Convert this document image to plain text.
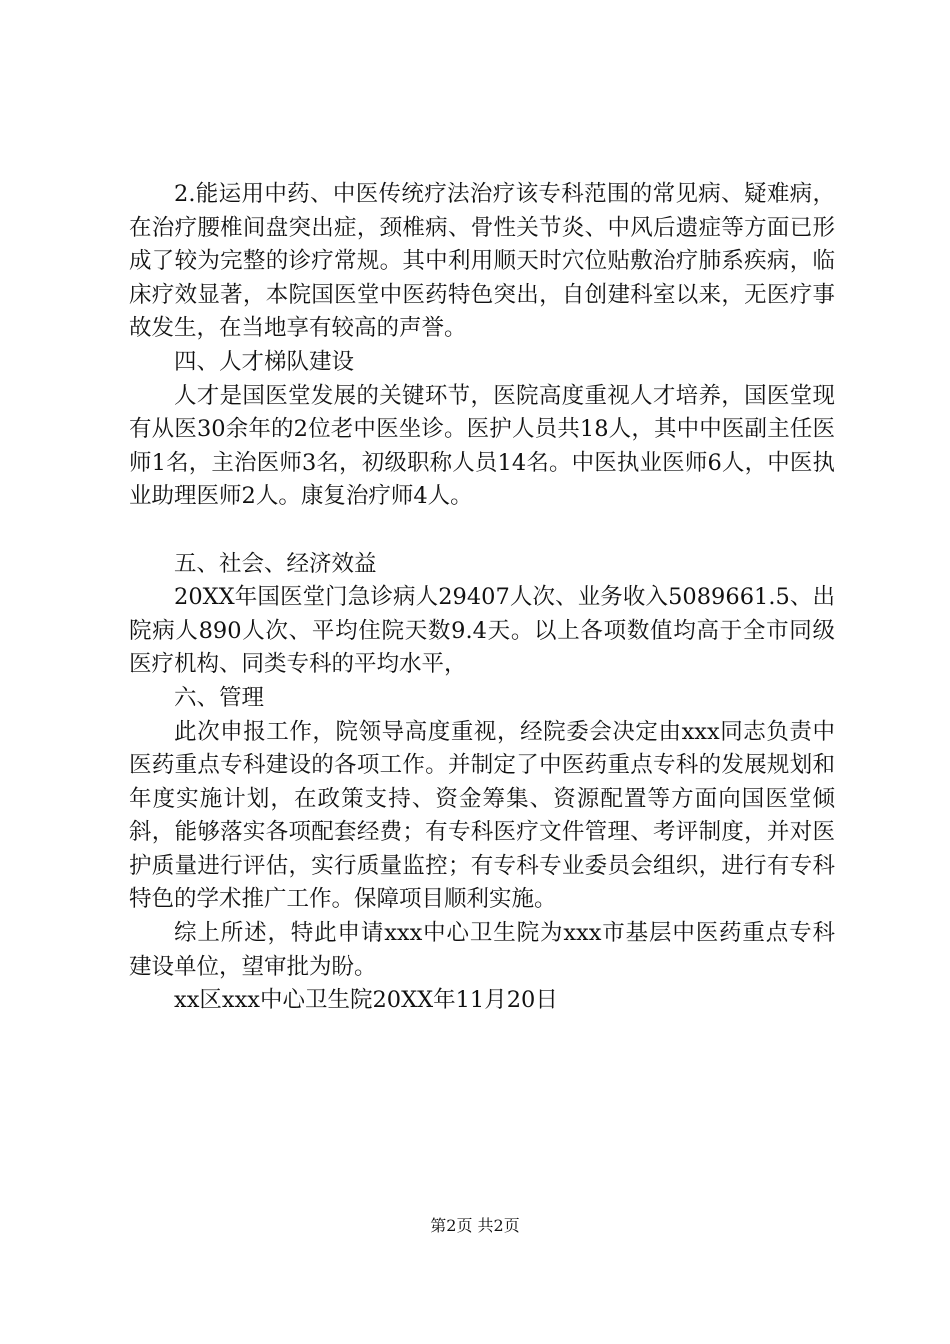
2.能运用中药、中医传统疗法治疗该专科范围的常见病、疑难病，在治疗腰椎间盘突出症，颈椎病、骨性关节炎、中风后遗症等方面已形成了较为完整的诊疗常规。其中利用顺天时穴位贴敷治疗肺系疾病，临床疗效显著，本院国医堂中医药特色突出，自创建科室以来，无医疗事故发生，在当地享有较高的声誉。

四、人才梯队建设

人才是国医堂发展的关键环节，医院高度重视人才培养，国医堂现有从医30余年的2位老中医坐诊。医护人员共18人，其中中医副主任医师1名，主治医师3名，初级职称人员14名。中医执业医师6人，中医执业助理医师2人。康复治疗师4人。

五、社会、经济效益

20XX年国医堂门急诊病人29407人次、业务收入5089661.5、出院病人890人次、平均住院天数9.4天。以上各项数值均高于全市同级医疗机构、同类专科的平均水平，

六、管理

此次申报工作，院领导高度重视，经院委会决定由xxx同志负责中医药重点专科建设的各项工作。并制定了中医药重点专科的发展规划和年度实施计划，在政策支持、资金筹集、资源配置等方面向国医堂倾斜，能够落实各项配套经费；有专科医疗文件管理、考评制度，并对医护质量进行评估，实行质量监控；有专科专业委员会组织，进行有专科特色的学术推广工作。保障项目顺利实施。

综上所述，特此申请xxx中心卫生院为xxx市基层中医药重点专科建设单位，望审批为盼。

xx区xxx中心卫生院20XX年11月20日

第2页 共2页
